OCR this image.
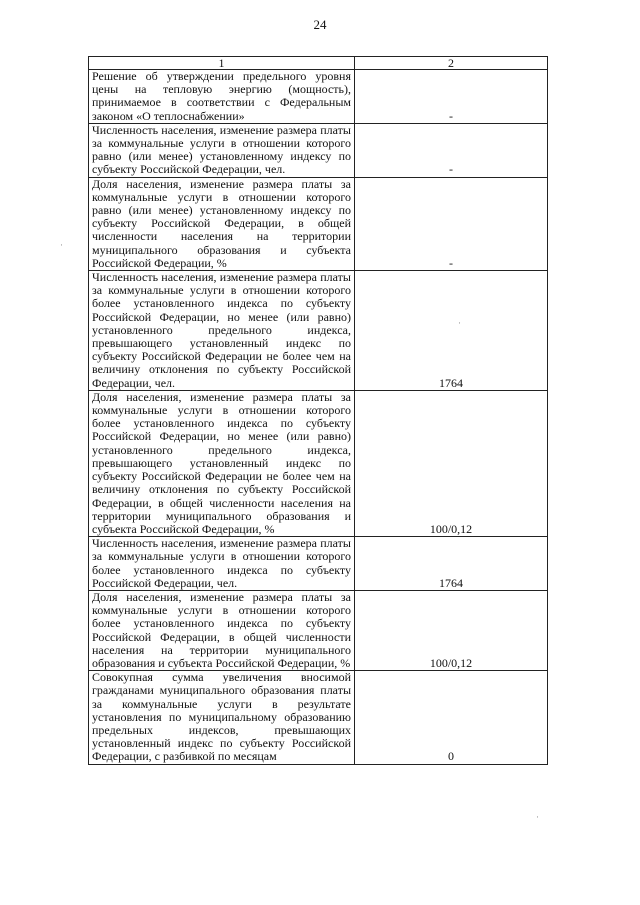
24
1	2
Решение об утверждении предельного уровня цены на тепловую энергию (мощность), принимаемое в соответствии с Федеральным законом «О теплоснабжении»	-
Численность населения, изменение размера платы за коммунальные услуги в отношении которого равно (или менее) установленному индексу по субъекту Российской Федерации, чел.	-
Доля населения, изменение размера платы за коммунальные услуги в отношении которого равно (или менее) установленному индексу по субъекту Российской Федерации, в общей численности населения на территории муниципального образования и субъекта Российской Федерации, %	-
Численность населения, изменение размера платы за коммунальные услуги в отношении которого более установленного индекса по субъекту Российской Федерации, но менее (или равно) установленного предельного индекса, превышающего установленный индекс по субъекту Российской Федерации не более чем на величину отклонения по субъекту Российской Федерации, чел.	1764
Доля населения, изменение размера платы за коммунальные услуги в отношении которого более установленного индекса по субъекту Российской Федерации, но менее (или равно) установленного предельного индекса, превышающего установленный индекс по субъекту Российской Федерации не более чем на величину отклонения по субъекту Российской Федерации, в общей численности населения на территории муниципального образования и субъекта Российской Федерации, %	100/0,12
Численность населения, изменение размера платы за коммунальные услуги в отношении которого более установленного индекса по субъекту Российской Федерации, чел.	1764
Доля населения, изменение размера платы за коммунальные услуги в отношении которого более установленного индекса по субъекту Российской Федерации, в общей численности населения на территории муниципального образования и субъекта Российской Федерации, %	100/0,12
Совокупная сумма увеличения вносимой гражданами муниципального образования платы за коммунальные услуги в результате установления по муниципальному образованию предельных индексов, превышающих установленный индекс по субъекту Российской Федерации, с разбивкой по месяцам	0
·
·
·
